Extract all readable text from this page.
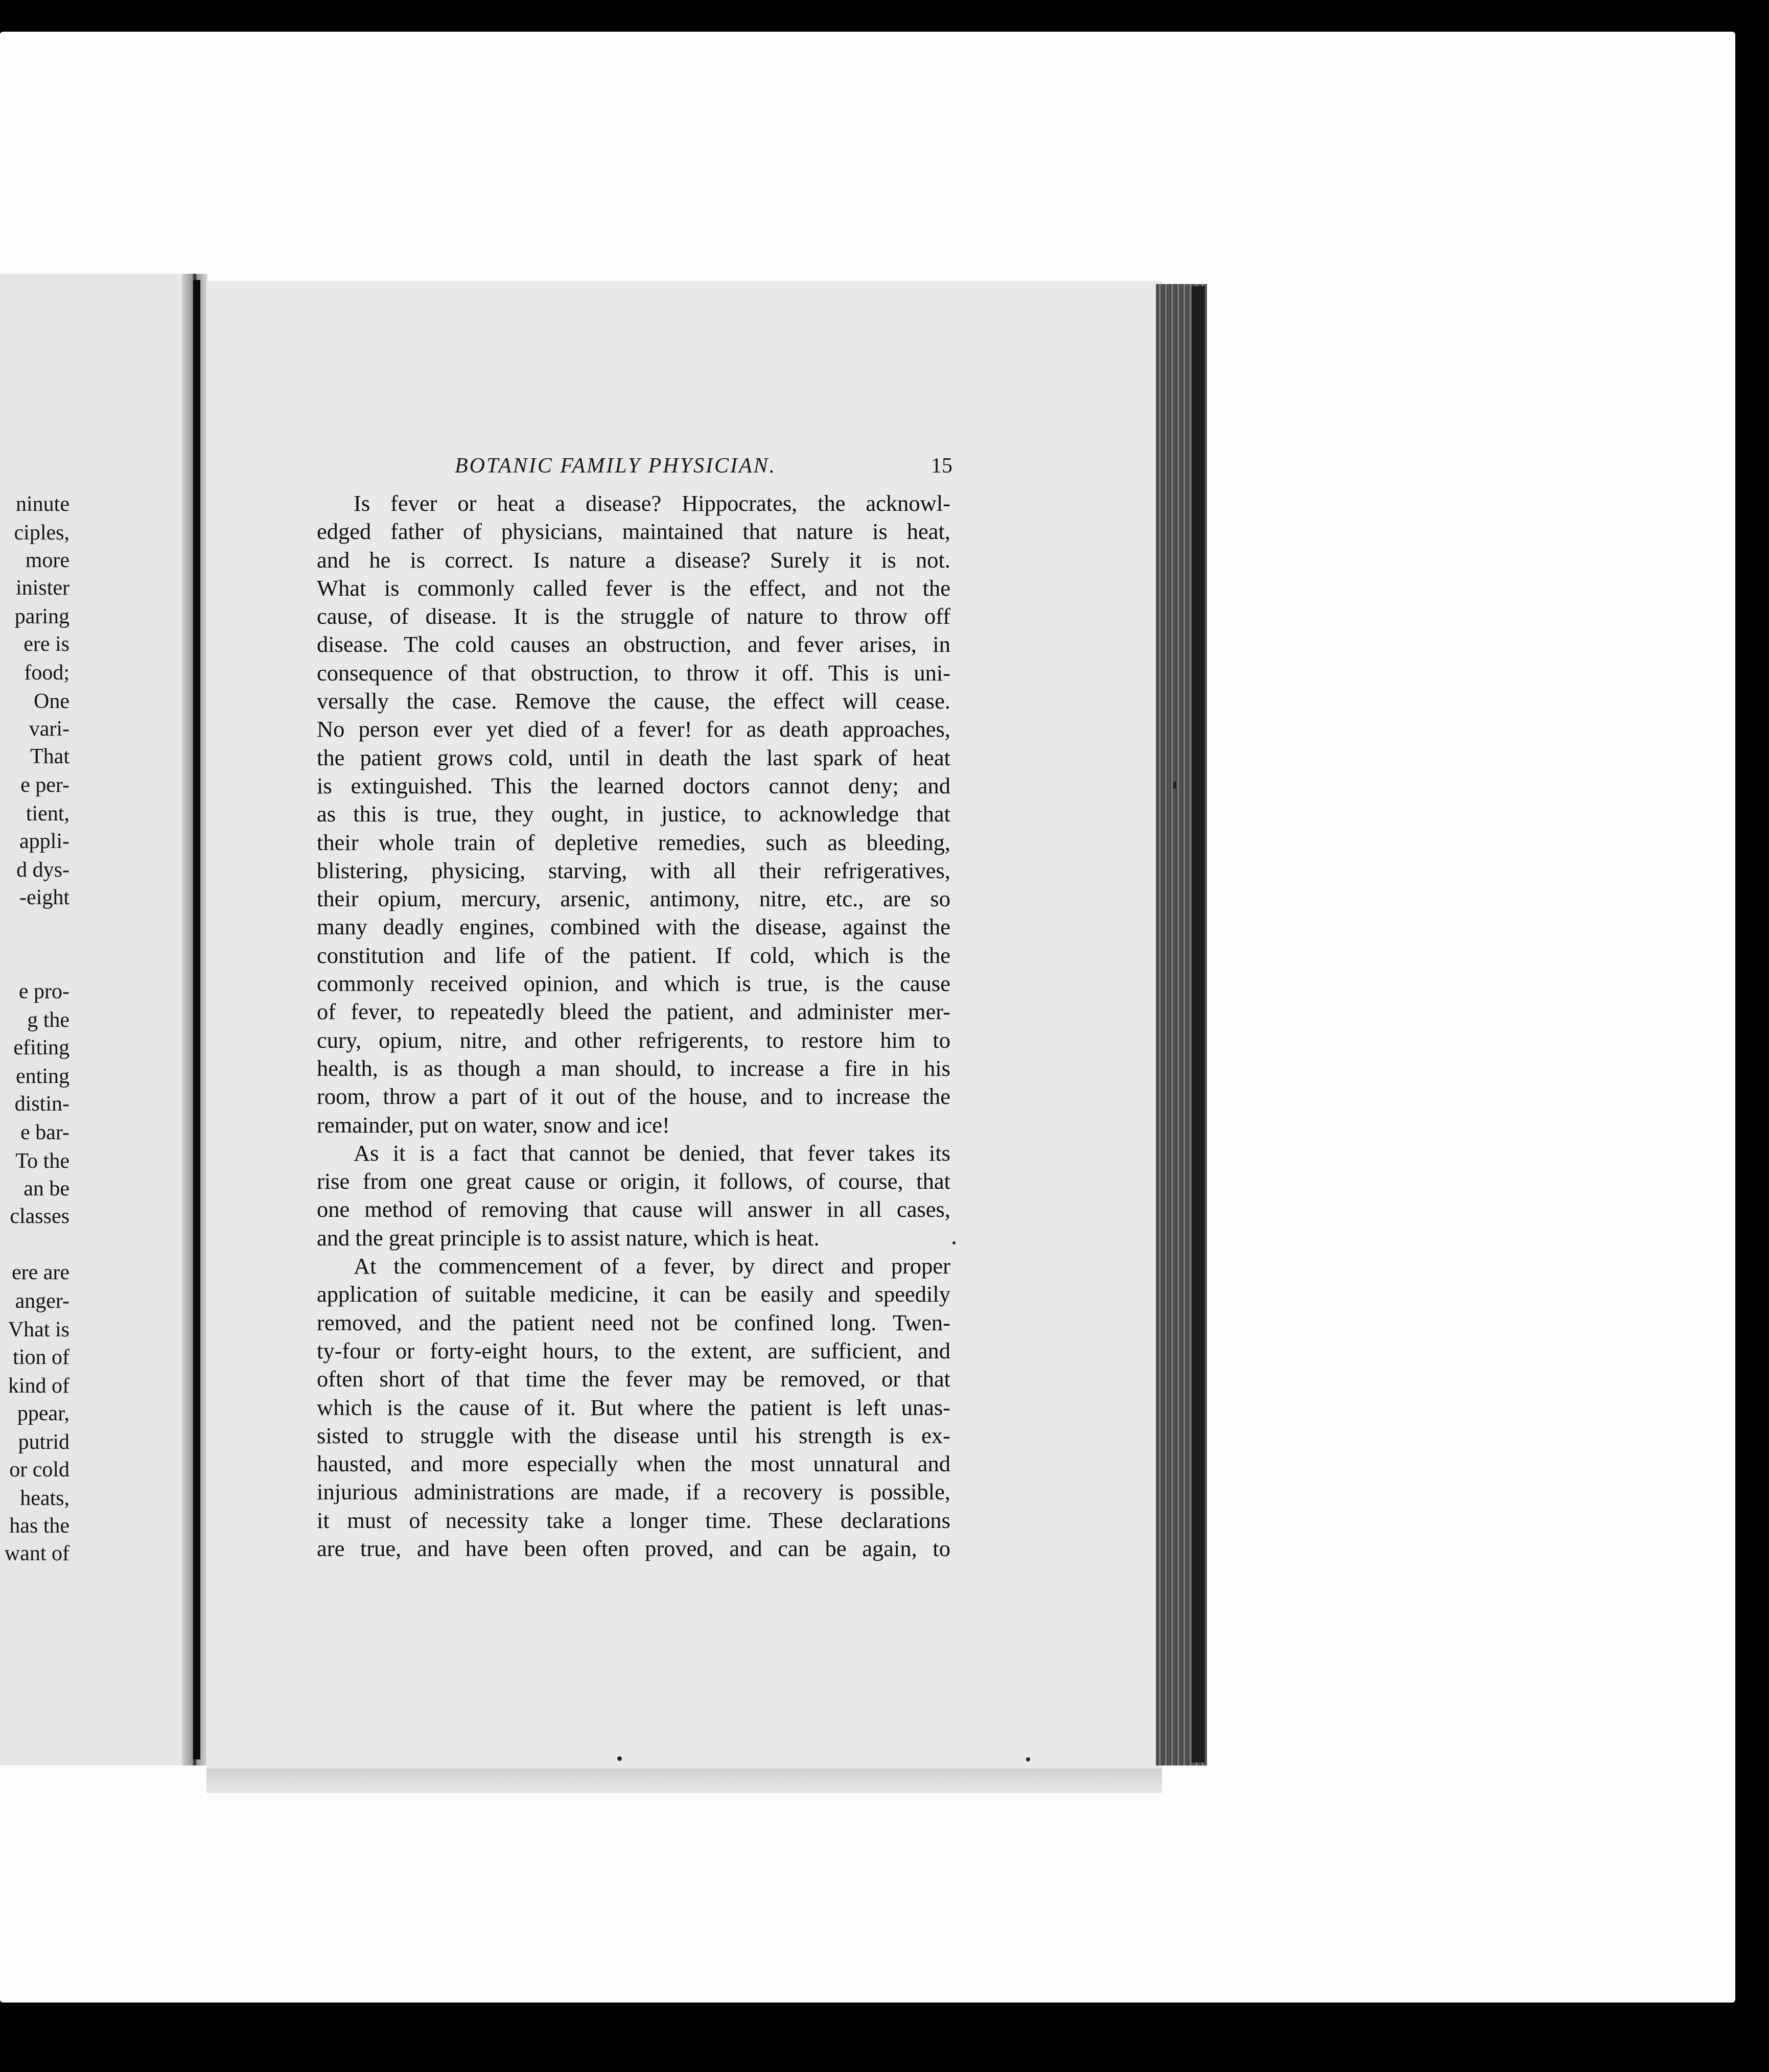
ninute
ciples,
more
inister
paring
ere is
food;
One
vari-
That
e per-
tient,
appli-
d dys-
-eight
e pro-
g the
efiting
enting
distin-
e bar-
To the
an be
classes
ere are
anger-
Vhat is
tion of
kind of
ppear,
putrid
or cold
heats,
has the
want of
BOTANIC FAMILY PHYSICIAN.	15
Is fever or heat a disease? Hippocrates, the acknowl-
edged father of physicians, maintained that nature is heat,
and he is correct. Is nature a disease? Surely it is not.
What is commonly called fever is the effect, and not the
cause, of disease. It is the struggle of nature to throw off
disease. The cold causes an obstruction, and fever arises, in
consequence of that obstruction, to throw it off. This is uni-
versally the case. Remove the cause, the effect will cease.
No person ever yet died of a fever! for as death approaches,
the patient grows cold, until in death the last spark of heat
is extinguished. This the learned doctors cannot deny; and
as this is true, they ought, in justice, to acknowledge that
their whole train of depletive remedies, such as bleeding,
blistering, physicing, starving, with all their refrigeratives,
their opium, mercury, arsenic, antimony, nitre, etc., are so
many deadly engines, combined with the disease, against the
constitution and life of the patient. If cold, which is the
commonly received opinion, and which is true, is the cause
of fever, to repeatedly bleed the patient, and administer mer-
cury, opium, nitre, and other refrigerents, to restore him to
health, is as though a man should, to increase a fire in his
room, throw a part of it out of the house, and to increase the
remainder, put on water, snow and ice!
As it is a fact that cannot be denied, that fever takes its
rise from one great cause or origin, it follows, of course, that
one method of removing that cause will answer in all cases,
and the great principle is to assist nature, which is heat.
At the commencement of a fever, by direct and proper
application of suitable medicine, it can be easily and speedily
removed, and the patient need not be confined long. Twen-
ty-four or forty-eight hours, to the extent, are sufficient, and
often short of that time the fever may be removed, or that
which is the cause of it. But where the patient is left unas-
sisted to struggle with the disease until his strength is ex-
hausted, and more especially when the most unnatural and
injurious administrations are made, if a recovery is possible,
it must of necessity take a longer time. These declarations
are true, and have been often proved, and can be again, to
